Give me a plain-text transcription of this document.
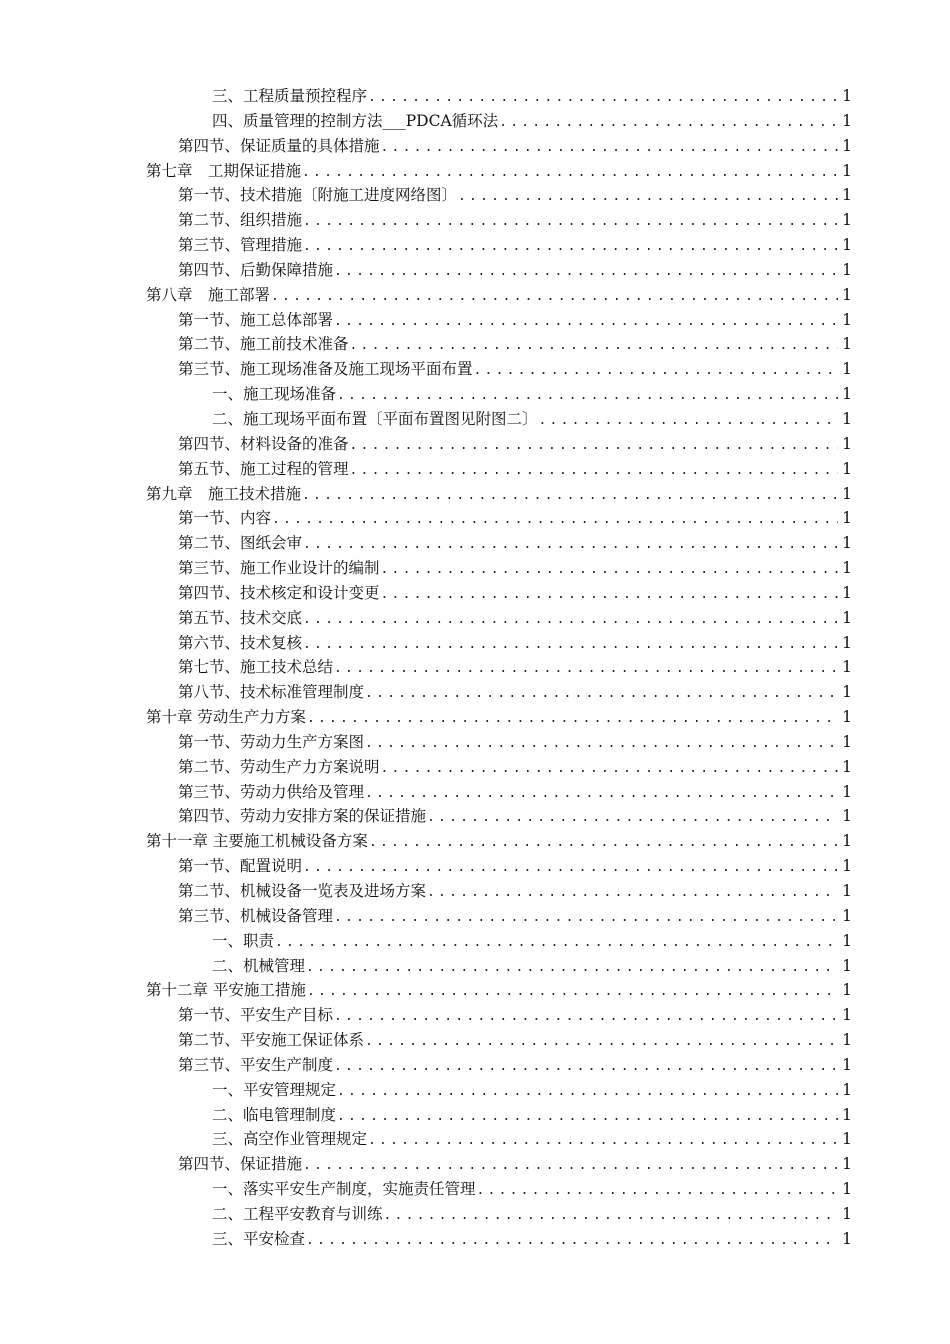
三、工程质量预控程序 .....	1
四、质量管理的控制方法___PDCA循环法 .....	1
第四节、保证质量的具体措施 .....	1
第七章　工期保证措施 .....	1
第一节、技术措施〔附施工进度网络图〕 .....	1
第二节、组织措施 .....	1
第三节、管理措施 .....	1
第四节、后勤保障措施 .....	1
第八章　施工部署 .....	1
第一节、施工总体部署 .....	1
第二节、施工前技术准备 .....	1
第三节、施工现场准备及施工现场平面布置 .....	1
一、施工现场准备 .....	1
二、施工现场平面布置〔平面布置图见附图二〕 .....	1
第四节、材料设备的准备 .....	1
第五节、施工过程的管理 .....	1
第九章　施工技术措施 .....	1
第一节、内容 .....	1
第二节、图纸会审 .....	1
第三节、施工作业设计的编制 .....	1
第四节、技术核定和设计变更 .....	1
第五节、技术交底 .....	1
第六节、技术复核 .....	1
第七节、施工技术总结 .....	1
第八节、技术标准管理制度 .....	1
第十章 劳动生产力方案 .....	1
第一节、劳动力生产方案图 .....	1
第二节、劳动生产力方案说明 .....	1
第三节、劳动力供给及管理 .....	1
第四节、劳动力安排方案的保证措施 .....	1
第十一章 主要施工机械设备方案 .....	1
第一节、配置说明 .....	1
第二节、机械设备一览表及进场方案 .....	1
第三节、机械设备管理 .....	1
一、职责 .....	1
二、机械管理 .....	1
第十二章 平安施工措施 .....	1
第一节、平安生产目标 .....	1
第二节、平安施工保证体系 .....	1
第三节、平安生产制度 .....	1
一、平安管理规定 .....	1
二、临电管理制度 .....	1
三、高空作业管理规定 .....	1
第四节、保证措施 .....	1
一、落实平安生产制度，实施责任管理 .....	1
二、工程平安教育与训练 .....	1
三、平安检查 .....	1
